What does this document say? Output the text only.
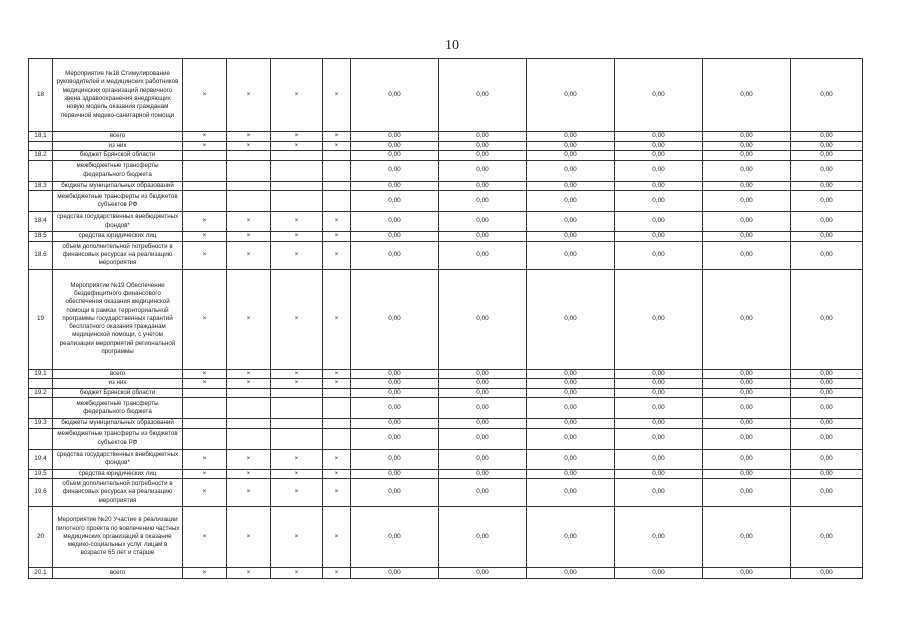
10
18	Мероприятие №18 Стимулирование руководителей и медицинских работников медицинских организаций первичного звена здравоохранения внедряющих новую модель оказания гражданам первичной медико-санитарной помощи	×	×	×	×	0,00	0,00	0,00	0,00	0,00	0,00
18.1	всего	×	×	×	×	0,00	0,00	0,00	0,00	0,00	0,00
	из них	×	×	×	×	0,00	0,00	0,00	0,00	0,00	0,00
18.2	бюджет Брянской области					0,00	0,00	0,00	0,00	0,00	0,00
	межбюджетные трансферты федерального бюджета					0,00	0,00	0,00	0,00	0,00	0,00
18.3	бюджеты муниципальных образований					0,00	0,00	0,00	0,00	0,00	0,00
	межбюджетные трансферты из бюджетов субъектов РФ					0,00	0,00	0,00	0,00	0,00	0,00
18.4	средства государственных внебюджетных фондов*	×	×	×	×	0,00	0,00	0,00	0,00	0,00	0,00
18.5	средства юридических лиц	×	×	×	×	0,00	0,00	0,00	0,00	0,00	0,00
18.6	объем дополнительной потребности в финансовых ресурсах на реализацию мероприятия	×	×	×	×	0,00	0,00	0,00	0,00	0,00	0,00
19	Мероприятие №19 Обеспечение бездефицитного финансового обеспечения оказания медицинской помощи в рамках территориальной программы государственных гарантий бесплатного оказания гражданам медицинской помощи, с учетом реализации мероприятий региональной программы	×	×	×	×	0,00	0,00	0,00	0,00	0,00	0,00
19.1	всего	×	×	×	×	0,00	0,00	0,00	0,00	0,00	0,00
	из них	×	×	×	×	0,00	0,00	0,00	0,00	0,00	0,00
19.2	бюджет Брянской области					0,00	0,00	0,00	0,00	0,00	0,00
	межбюджетные трансферты федерального бюджета					0,00	0,00	0,00	0,00	0,00	0,00
19.3	бюджеты муниципальных образований					0,00	0,00	0,00	0,00	0,00	0,00
	межбюджетные трансферты из бюджетов субъектов РФ					0,00	0,00	0,00	0,00	0,00	0,00
19.4	средства государственных внебюджетных фондов*	×	×	×	×	0,00	0,00	0,00	0,00	0,00	0,00
19.5	средства юридических лиц	×	×	×	×	0,00	0,00	0,00	0,00	0,00	0,00
19.6	объем дополнительной потребности в финансовых ресурсах на реализацию мероприятия	×	×	×	×	0,00	0,00	0,00	0,00	0,00	0,00
20	Мероприятие №20 Участие в реализации пилотного проекта по вовлечению частных медицинских организаций в оказание медико-социальных услуг лицам в возрасте 65 лет и старше	×	×	×	×	0,00	0,00	0,00	0,00	0,00	0,00
20.1	всего	×	×	×	×	0,00	0,00	0,00	0,00	0,00	0,00
